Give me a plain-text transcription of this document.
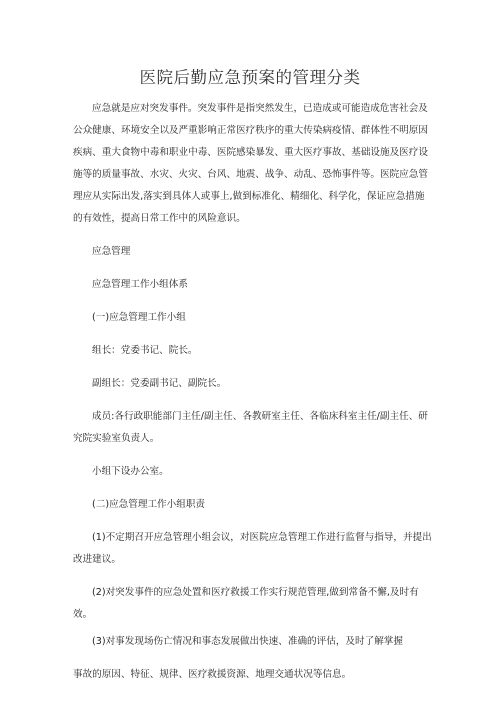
医院后勤应急预案的管理分类

应急就是应对突发事件。突发事件是指突然发生，已造成或可能造成危害社会及公众健康、环境安全以及严重影响正常医疗秩序的重大传染病疫情、群体性不明原因疾病、重大食物中毒和职业中毒、医院感染暴发、重大医疗事故、基础设施及医疗设施等的质量事故、水灾、火灾、台风、地震、战争、动乱、恐怖事件等。医院应急管理应从实际出发,落实到具体人或事上,做到标准化、精细化、科学化，保证应急措施的有效性，提高日常工作中的风险意识。

应急管理

应急管理工作小组体系

(一)应急管理工作小组

组长：党委书记、院长。

副组长：党委副书记、副院长。

成员:各行政职能部门主任/副主任、各教研室主任、各临床科室主任/副主任、研究院实验室负责人。

小组下设办公室。

(二)应急管理工作小组职责

(1)不定期召开应急管理小组会议，对医院应急管理工作进行监督与指导，并提出改进建议。

(2)对突发事件的应急处置和医疗救援工作实行规范管理,做到常备不懈,及时有效。

(3)对事发现场伤亡情况和事态发展做出快速、准确的评估，及时了解掌握

事故的原因、特征、规律、医疗救援资源、地理交通状况等信息。
